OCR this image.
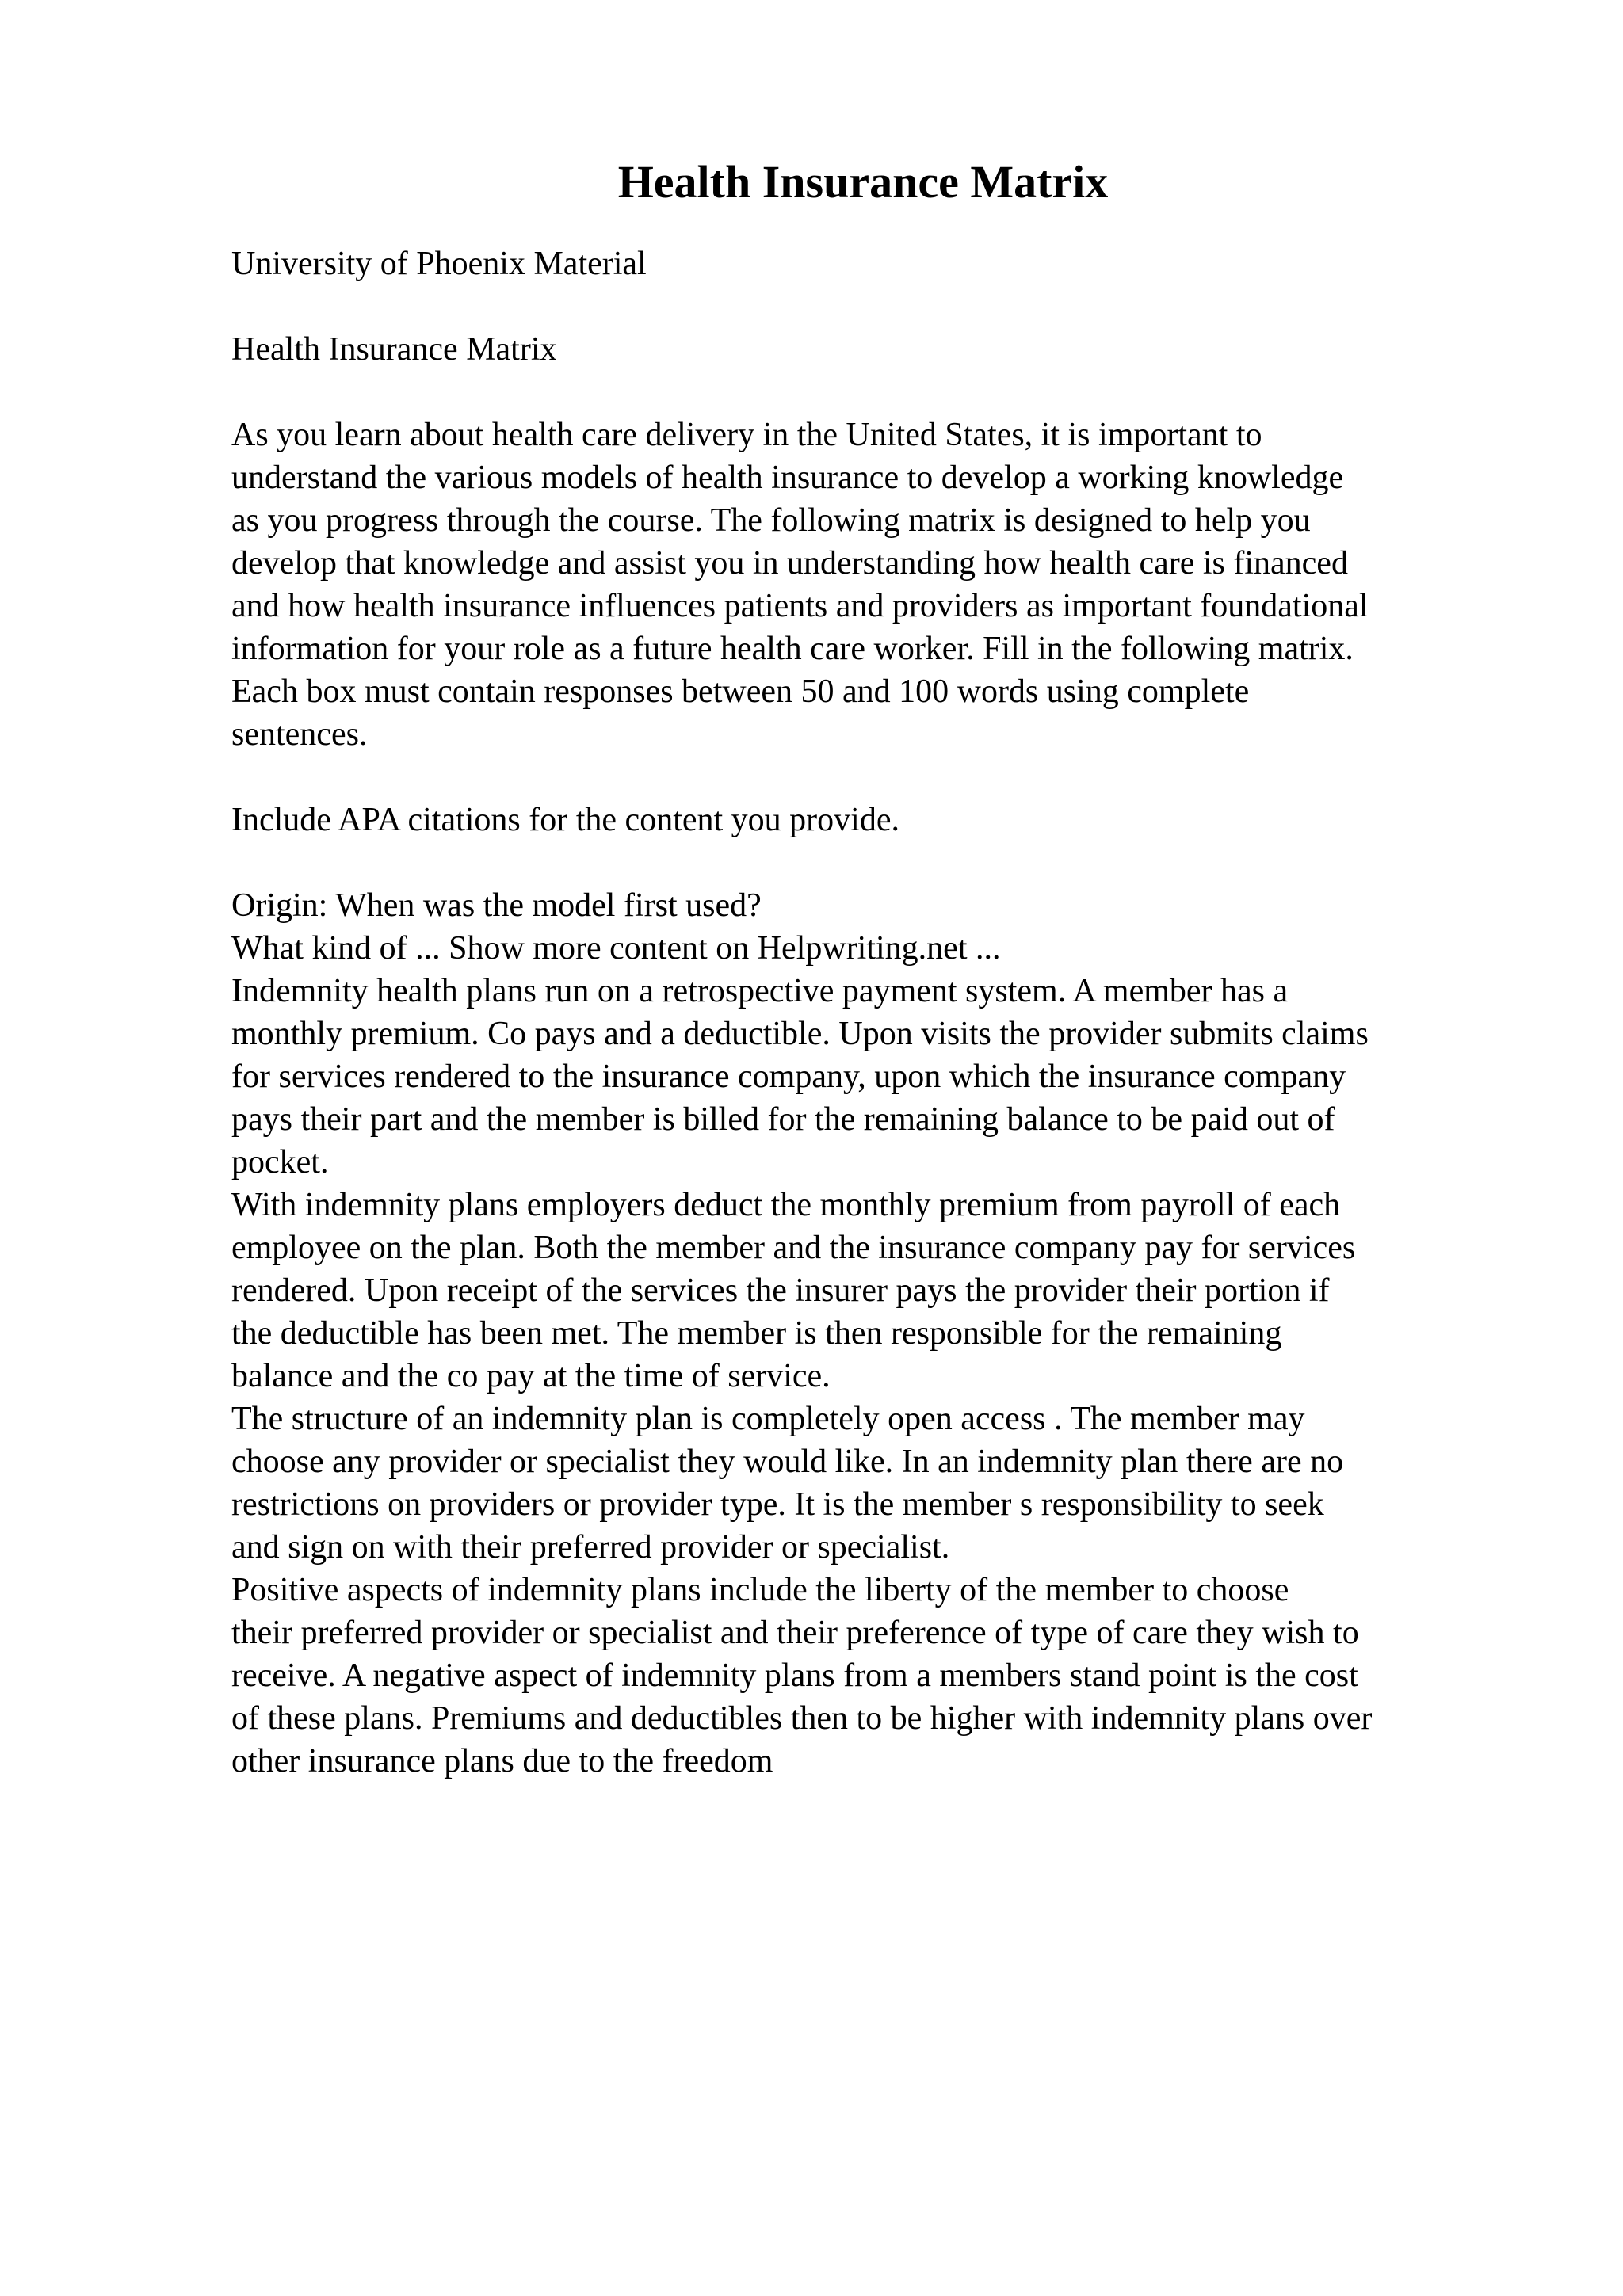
Health Insurance Matrix

University of Phoenix Material

Health Insurance Matrix

As you learn about health care delivery in the United States, it is important to
understand the various models of health insurance to develop a working knowledge
as you progress through the course. The following matrix is designed to help you
develop that knowledge and assist you in understanding how health care is financed
and how health insurance influences patients and providers as important foundational
information for your role as a future health care worker. Fill in the following matrix.
Each box must contain responses between 50 and 100 words using complete
sentences.

Include APA citations for the content you provide.

Origin: When was the model first used?

What kind of ... Show more content on Helpwriting.net ...

Indemnity health plans run on a retrospective payment system. A member has a
monthly premium. Co pays and a deductible. Upon visits the provider submits claims
for services rendered to the insurance company, upon which the insurance company
pays their part and the member is billed for the remaining balance to be paid out of
pocket.

With indemnity plans employers deduct the monthly premium from payroll of each
employee on the plan. Both the member and the insurance company pay for services
rendered. Upon receipt of the services the insurer pays the provider their portion if
the deductible has been met. The member is then responsible for the remaining
balance and the co pay at the time of service.

The structure of an indemnity plan is completely open access . The member may
choose any provider or specialist they would like. In an indemnity plan there are no
restrictions on providers or provider type. It is the member s responsibility to seek
and sign on with their preferred provider or specialist.

Positive aspects of indemnity plans include the liberty of the member to choose
their preferred provider or specialist and their preference of type of care they wish to
receive. A negative aspect of indemnity plans from a members stand point is the cost
of these plans. Premiums and deductibles then to be higher with indemnity plans over
other insurance plans due to the freedom
